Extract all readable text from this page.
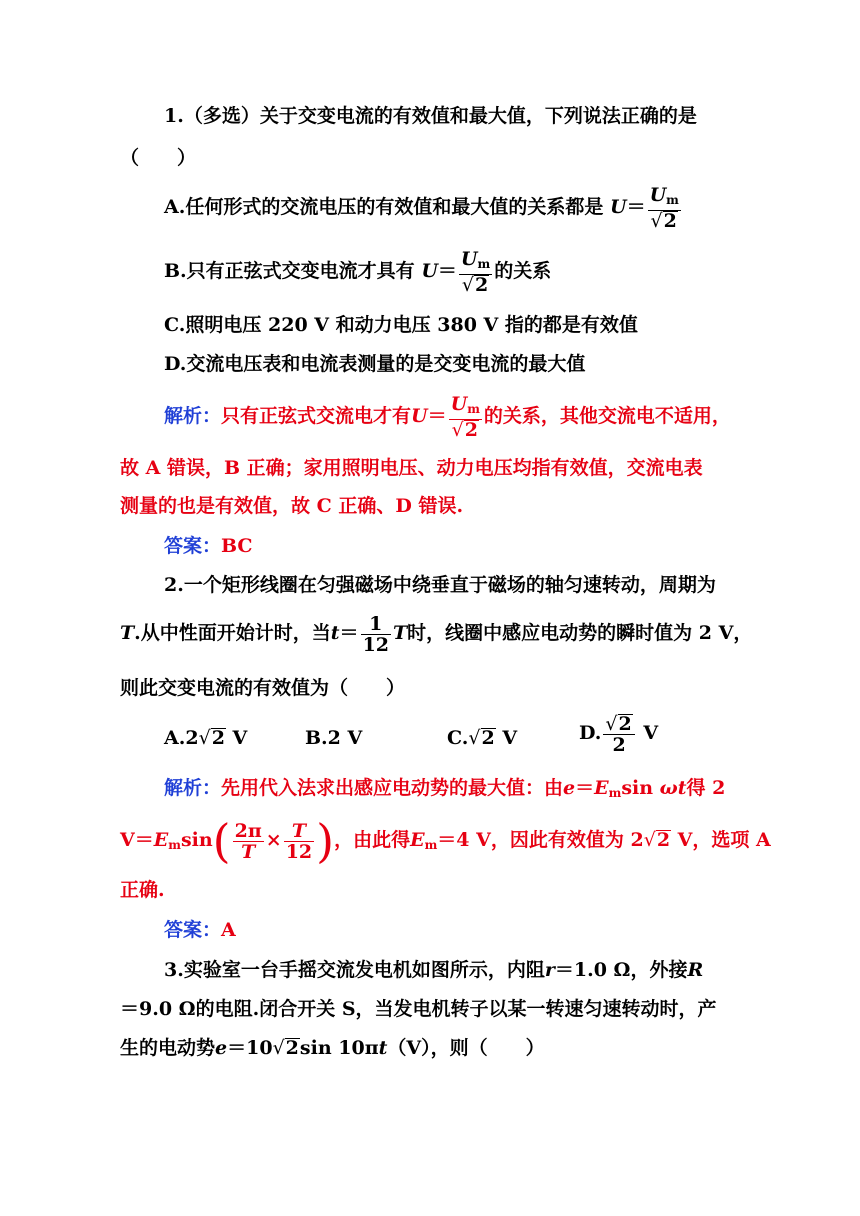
1.（多选）关于交变电流的有效值和最大值，下列说法正确的是
（　　）
A.任何形式的交流电压的有效值和最大值的关系都是 $U= \frac{U_m}{√2}$
B.只有正弦式交变电流才具有 $U= \frac{U_m}{√2}$ 的关系
C.照明电压 220 V 和动力电压 380 V 指的都是有效值
D.交流电压表和电流表测量的是交变电流的最大值
解析：只有正弦式交流电才有$U= \frac{U_m}{√2}$ 的关系，其他交流电不适用，
故 A 错误，B 正确；家用照明电压、动力电压均指有效值，交流电表
测量的也是有效值，故 C 正确、D 错误.
答案：BC
2.一个矩形线圈在匀强磁场中绕垂直于磁场的轴匀速转动，周期为
T.从中性面开始计时，当$t= \frac{1}{12}$ T时，线圈中感应电动势的瞬时值为 2 V，
则此交变电流的有效值为（　　）
A.2√2 V	B.2 V	C.√2 V	D. $\frac{√2}{2}$ V
解析：先用代入法求出感应电动势的最大值：由$e=E_m\sin$ ωt得 2
$V=E_m\sin( \frac{2\pi}{T} \times \frac{T}{12}$ )，由此得$E_m=4$ V，因此有效值为 2√2 V，选项 A
正确.
答案：A
3.实验室一台手摇交流发电机如图所示，内阻r＝1.0 Ω，外接R
＝9.0 Ω的电阻.闭合开关 S，当发电机转子以某一转速匀速转动时，产
生的电动势e＝10√2sin 10πt（V），则（　　）
